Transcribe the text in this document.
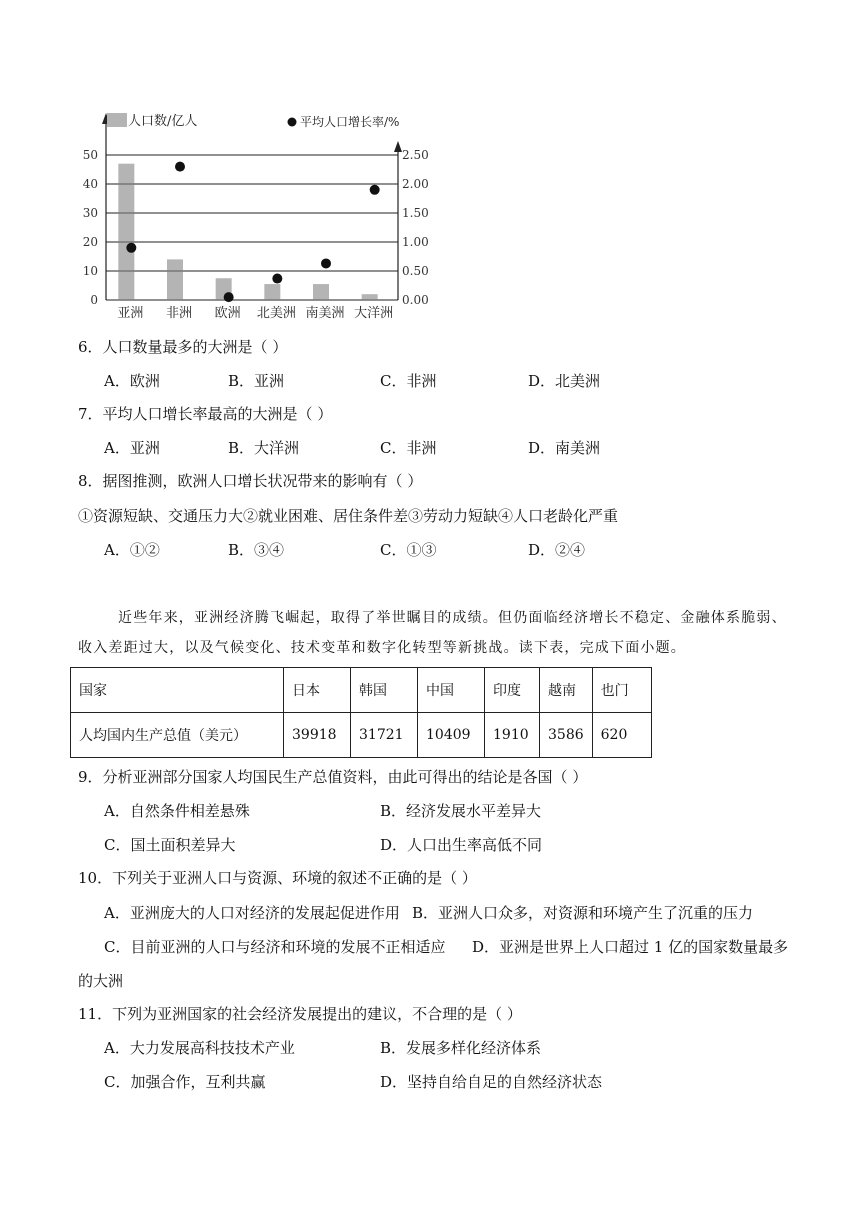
0
10
20
30
40
50
0.00
0.50
1.00
1.50
2.00
2.50
亚洲 非洲 欧洲 北美洲 南美洲 大洋洲
人口数/亿人	平均人口增长率/%
6．人口数量最多的大洲是（ ）
A．欧洲	B．亚洲	C．非洲	D．北美洲
7．平均人口增长率最高的大洲是（ ）
A．亚洲	B．大洋洲	C．非洲	D．南美洲
8．据图推测，欧洲人口增长状况带来的影响有（ ）
①资源短缺、交通压力大②就业困难、居住条件差③劳动力短缺④人口老龄化严重
A．①②	B．③④	C．①③	D．②④
近些年来，亚洲经济腾飞崛起，取得了举世瞩目的成绩。但仍面临经济增长不稳定、金融体系脆弱、收入差距过大，以及气候变化、技术变革和数字化转型等新挑战。读下表，完成下面小题。
国家	日本	韩国	中国	印度	越南	也门
人均国内生产总值（美元）	39918	31721	10409	1910	3586	620
9．分析亚洲部分国家人均国民生产总值资料，由此可得出的结论是各国（ ）
A．自然条件相差悬殊	B．经济发展水平差异大
C．国土面积差异大	D．人口出生率高低不同
10．下列关于亚洲人口与资源、环境的叙述不正确的是（ ）
A．亚洲庞大的人口对经济的发展起促进作用 B．亚洲人口众多，对资源和环境产生了沉重的压力
C．目前亚洲的人口与经济和环境的发展不正相适应 D．亚洲是世界上人口超过 1 亿的国家数量最多
的大洲
11．下列为亚洲国家的社会经济发展提出的建议，不合理的是（ ）
A．大力发展高科技技术产业	B．发展多样化经济体系
C．加强合作，互利共赢	D．坚持自给自足的自然经济状态
